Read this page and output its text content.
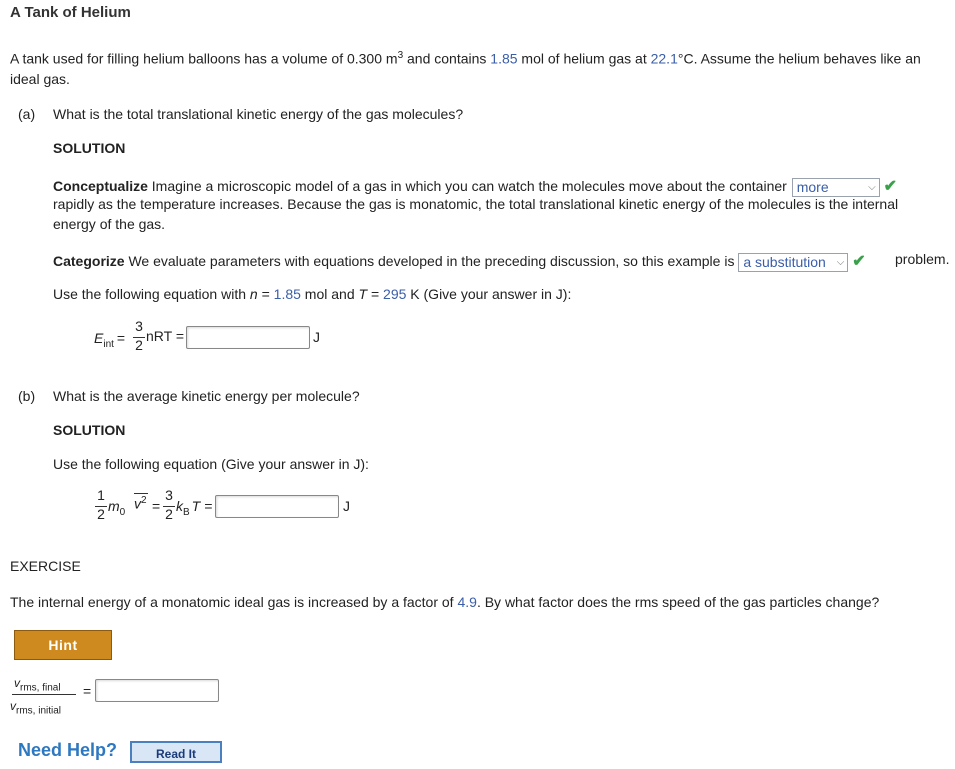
A Tank of Helium
A tank used for filling helium balloons has a volume of 0.300 $m^3$ and contains 1.85 mol of helium gas at 22.1°C. Assume the helium behaves like an
ideal gas.
(a) What is the total translational kinetic energy of the gas molecules?
SOLUTION
Conceptualize Imagine a microscopic model of a gas in which you can watch the molecules move about the container more	⌵ ✔
rapidly as the temperature increases. Because the gas is monatomic, the total translational kinetic energy of the molecules is the internal
energy of the gas.
Categorize We evaluate parameters with equations developed in the preceding discussion, so this example is a substitution ⌵ ✔ problem.
Use the following equation with n = 1.85 mol and T = 295 K (Give your answer in J):
$E_{int}$ =
3
2
nRT =	J
(b) What is the average kinetic energy per molecule?
SOLUTION
Use the following equation (Give your answer in J):
1
2 $m_0$
$v^2$ =
3
2 $k_B$ T =	J
EXERCISE
The internal energy of a monatomic ideal gas is increased by a factor of 4.9. By what factor does the rms speed of the gas particles change?
Hint
$v_{rms, final}$
$v_{rms, initial}$
=
Need Help?	Read It
